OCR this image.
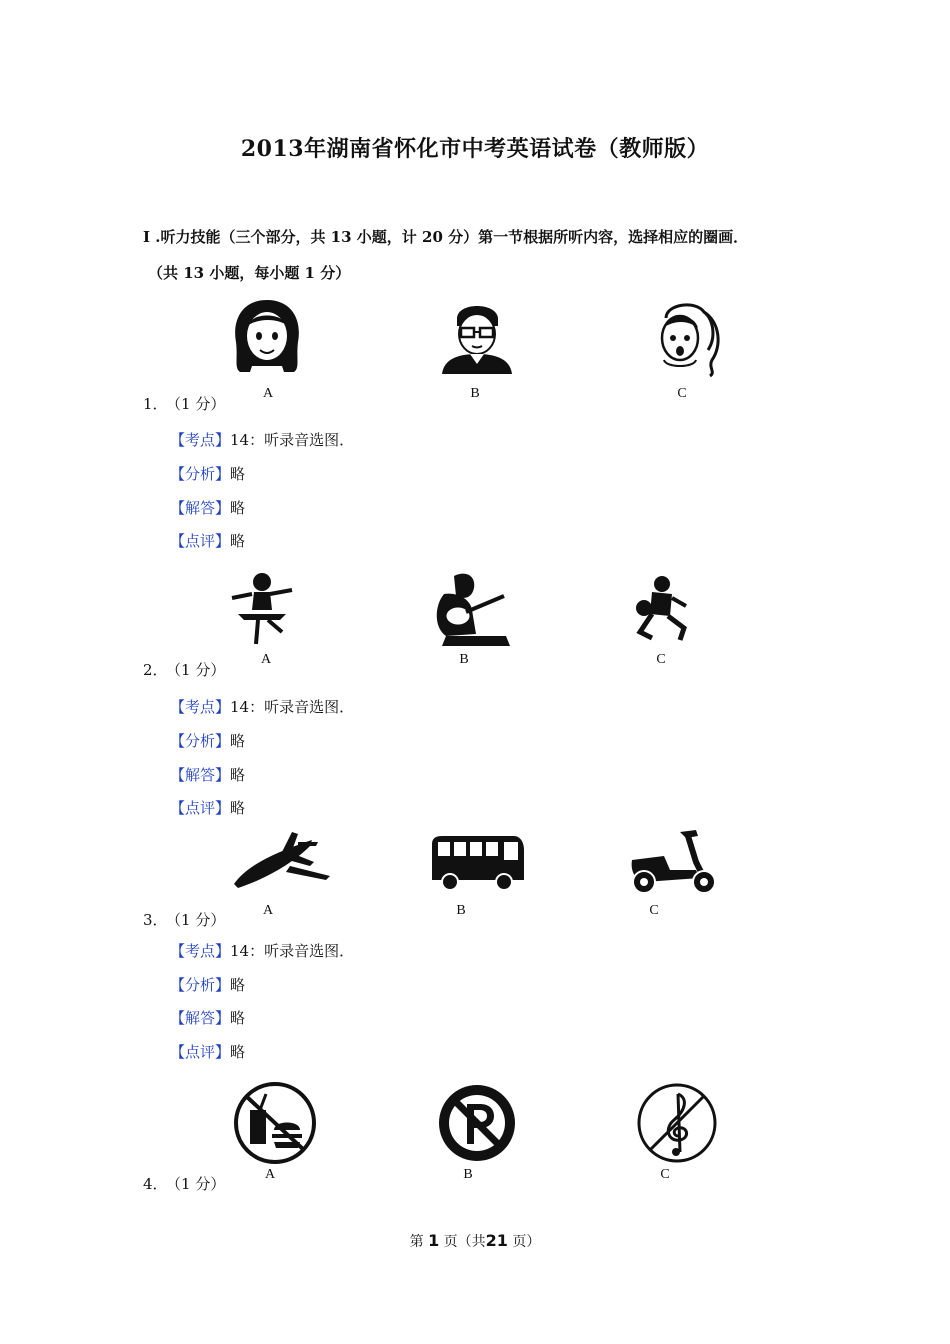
2013年湖南省怀化市中考英语试卷（教师版）
I .听力技能（三个部分，共 13 小题，计 20 分）第一节根据所听内容，选择相应的圈画．
（共 13 小题，每小题 1 分）
A	B	C
1． （1 分）
【考点】14：听录音选图．
【分析】略
【解答】略
【点评】略
A	B	C
2． （1 分）
【考点】14：听录音选图．
【分析】略
【解答】略
【点评】略
A	B	C
3． （1 分）
【考点】14：听录音选图．
【分析】略
【解答】略
【点评】略
A	B	C
4． （1 分）
第 1 页（共21 页）
